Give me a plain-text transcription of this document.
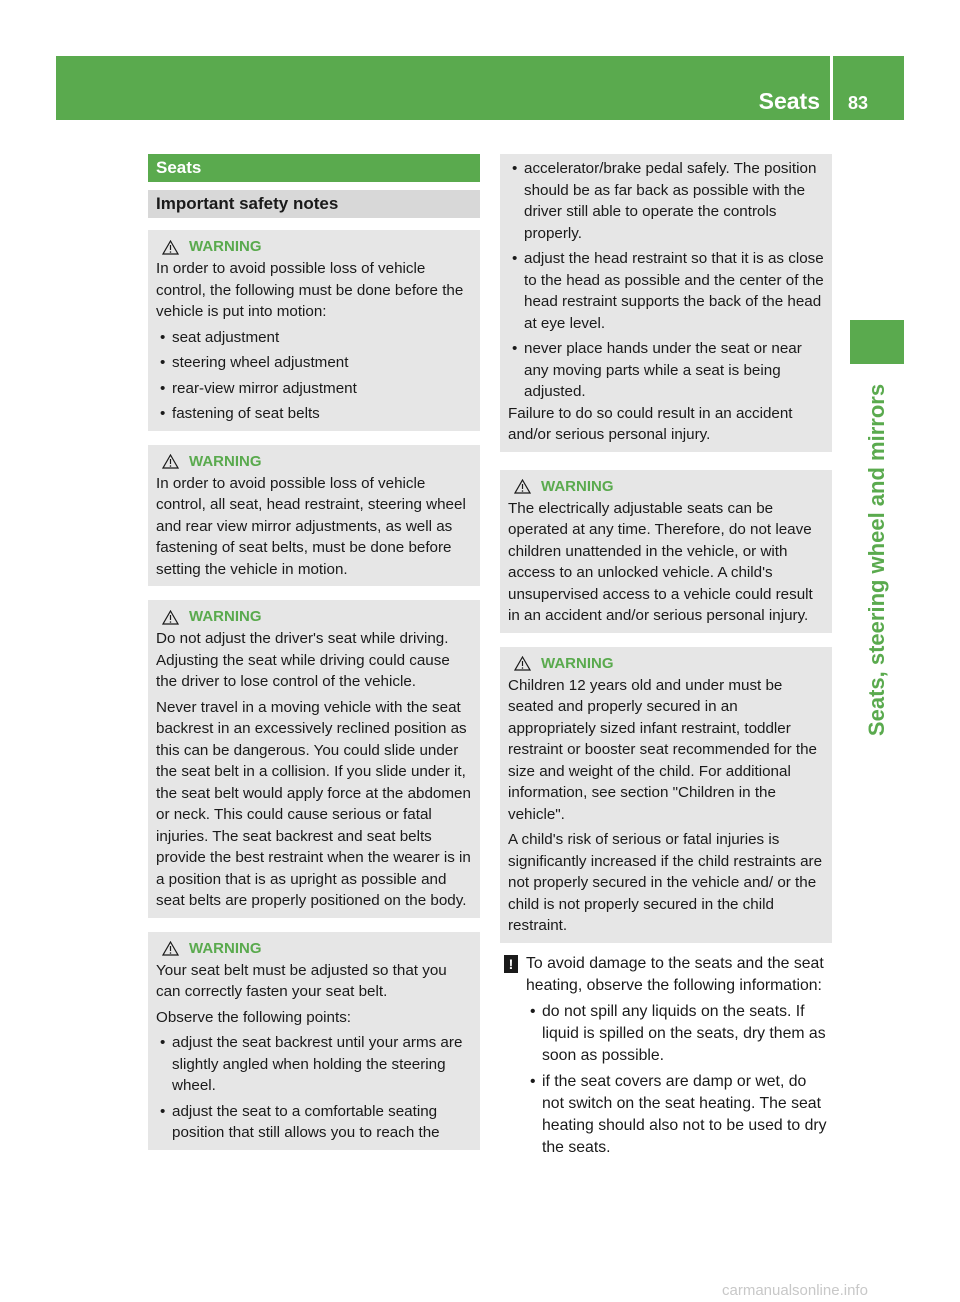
Seats 83
Seats, steering wheel and mirrors
Seats
Important safety notes
WARNING

In order to avoid possible loss of vehicle control, the following must be done before the vehicle is put into motion:

• seat adjustment
• steering wheel adjustment
• rear-view mirror adjustment
• fastening of seat belts
WARNING

In order to avoid possible loss of vehicle control, all seat, head restraint, steering wheel and rear view mirror adjustments, as well as fastening of seat belts, must be done before setting the vehicle in motion.

WARNING

Do not adjust the driver's seat while driving. Adjusting the seat while driving could cause the driver to lose control of the vehicle.

Never travel in a moving vehicle with the seat backrest in an excessively reclined position as this can be dangerous. You could slide under the seat belt in a collision. If you slide under it, the seat belt would apply force at the abdomen or neck. This could cause serious or fatal injuries. The seat backrest and seat belts provide the best restraint when the wearer is in a position that is as upright as possible and seat belts are properly positioned on the body.

WARNING

Your seat belt must be adjusted so that you can correctly fasten your seat belt.

Observe the following points:

• adjust the seat backrest until your arms are slightly angled when holding the steering wheel.
• adjust the seat to a comfortable seating position that still allows you to reach the
• accelerator/brake pedal safely. The position should be as far back as possible with the driver still able to operate the controls properly.
• adjust the head restraint so that it is as close to the head as possible and the center of the head restraint supports the back of the head at eye level.
• never place hands under the seat or near any moving parts while a seat is being adjusted.

Failure to do so could result in an accident and/or serious personal injury.

WARNING

The electrically adjustable seats can be operated at any time. Therefore, do not leave children unattended in the vehicle, or with access to an unlocked vehicle. A child's unsupervised access to a vehicle could result in an accident and/or serious personal injury.

WARNING

Children 12 years old and under must be seated and properly secured in an appropriately sized infant restraint, toddler restraint or booster seat recommended for the size and weight of the child. For additional information, see section "Children in the vehicle".

A child's risk of serious or fatal injuries is significantly increased if the child restraints are not properly secured in the vehicle and/ or the child is not properly secured in the child restraint.

! To avoid damage to the seats and the seat heating, observe the following information:

• do not spill any liquids on the seats. If liquid is spilled on the seats, dry them as soon as possible.
• if the seat covers are damp or wet, do not switch on the seat heating. The seat heating should also not to be used to dry the seats.
carmanualsonline.info
